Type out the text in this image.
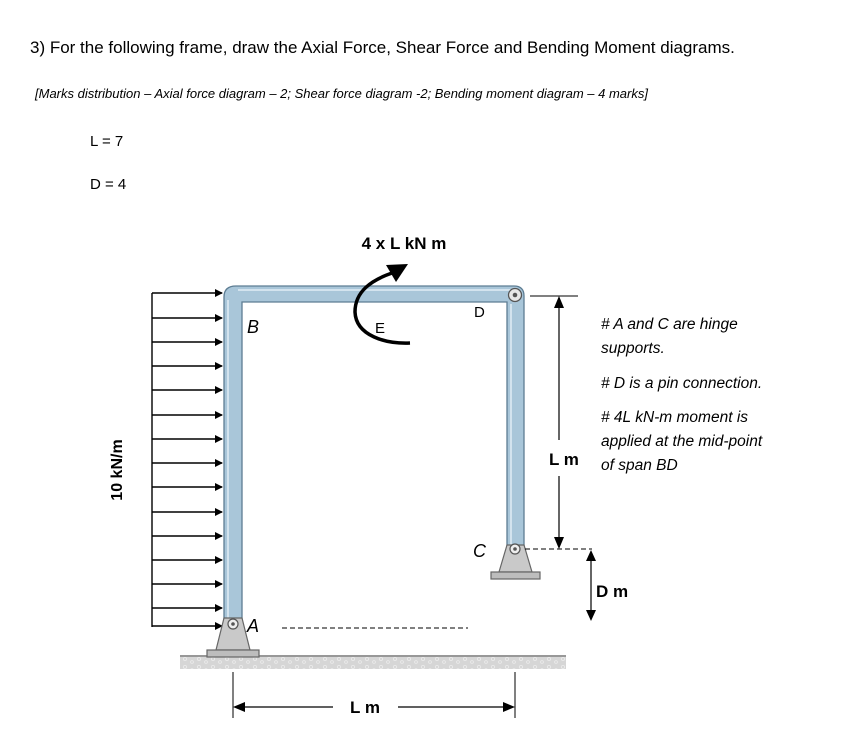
3) For the following frame, draw the Axial Force, Shear Force and Bending Moment diagrams.
[Marks distribution – Axial force diagram – 2; Shear force diagram -2; Bending moment diagram – 4 marks]
L = 7
D = 4
10 kN/m
B	E
D
A
C
4 x L kN m
L m
D m
L m
# A and C are hinge
supports.
# D is a pin connection.
# 4L kN-m moment is
applied at the mid-point
of span BD
